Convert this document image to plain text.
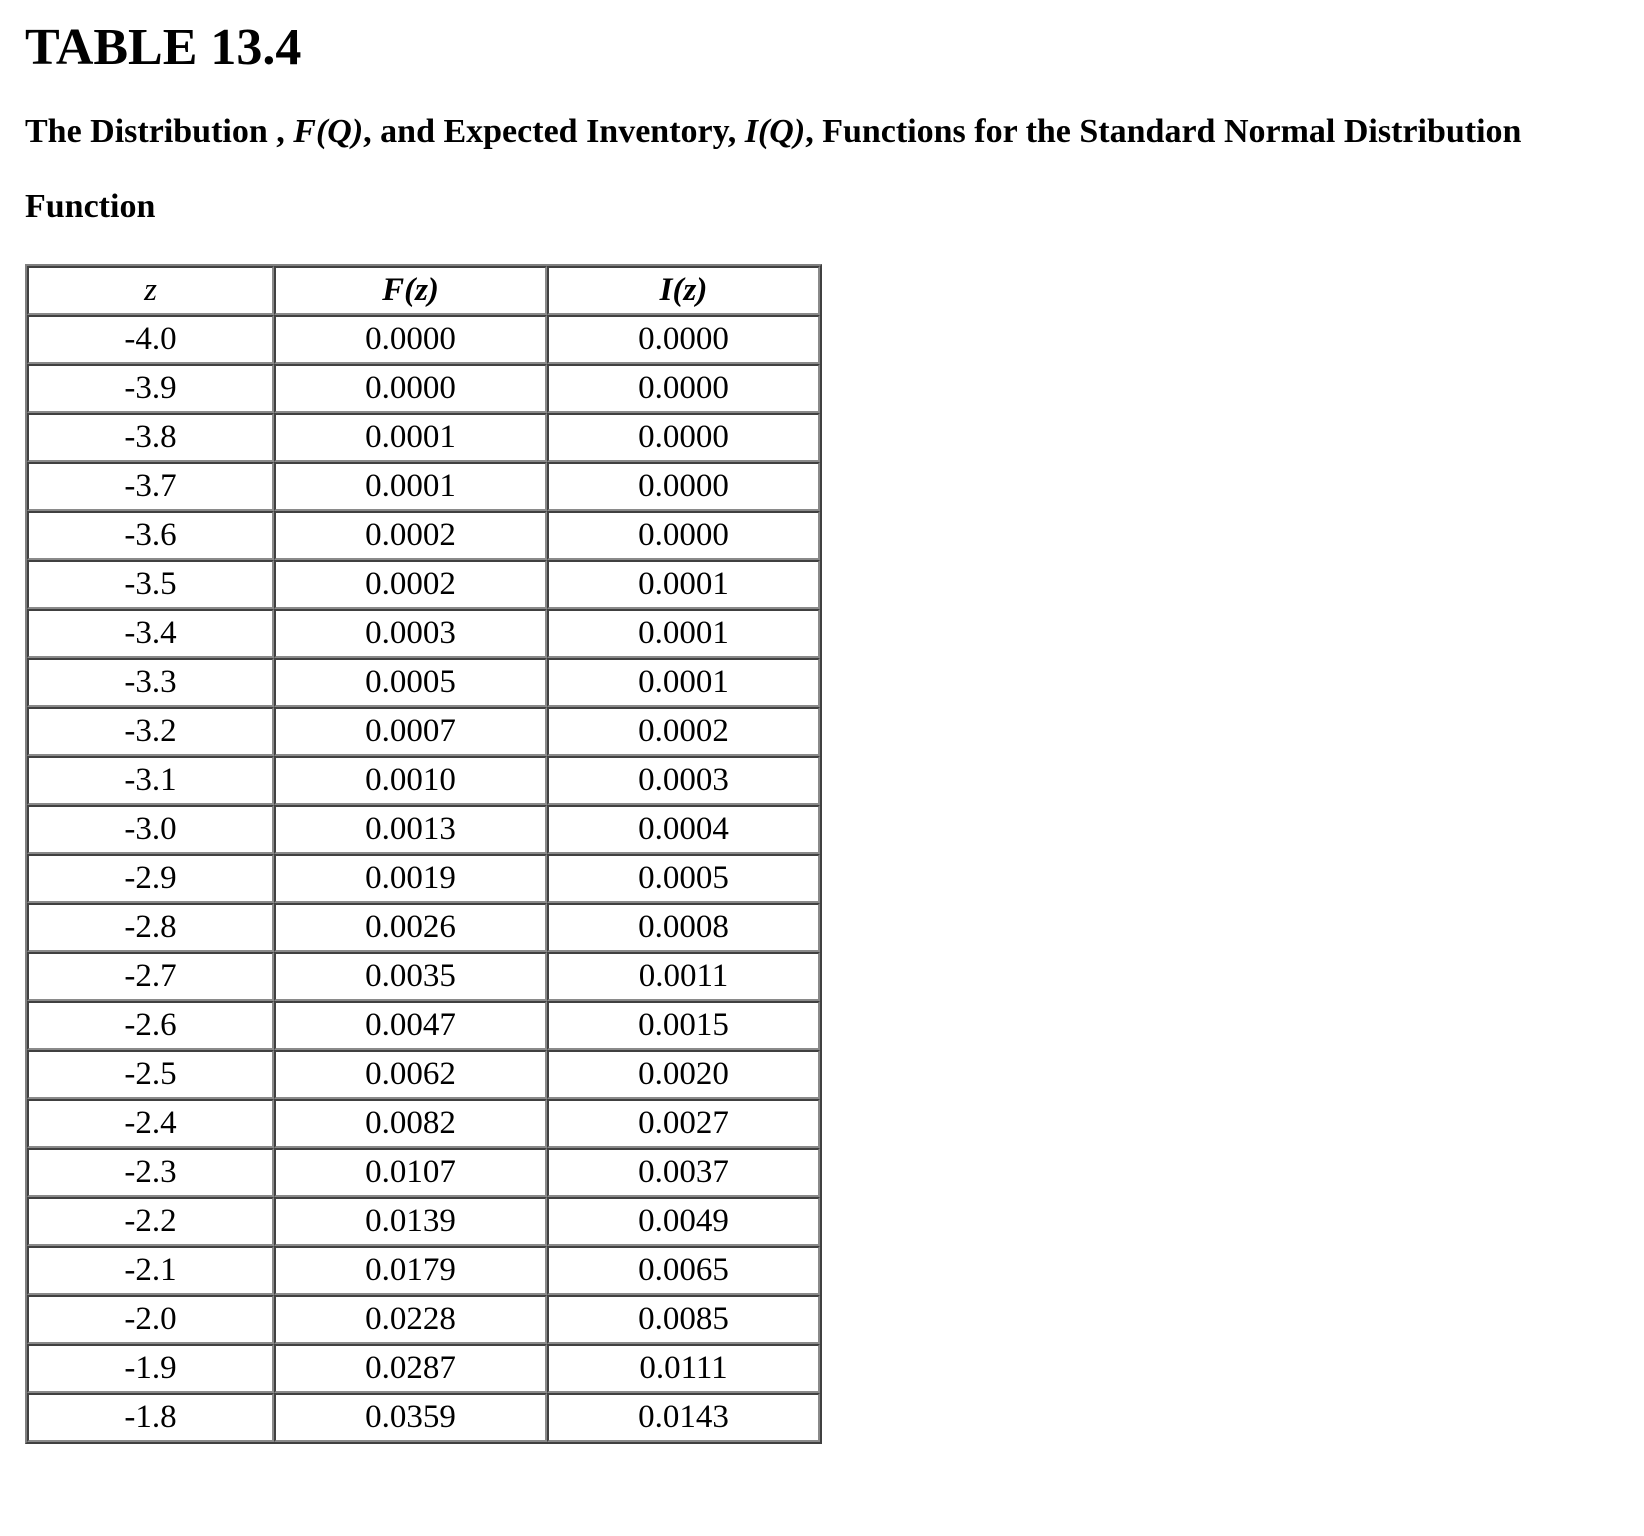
TABLE 13.4

The Distribution , F(Q), and Expected Inventory, I(Q), Functions for the Standard Normal Distribution

Function

z	F(z)	I(z)
-4.0	0.0000	0.0000
-3.9	0.0000	0.0000
-3.8	0.0001	0.0000
-3.7	0.0001	0.0000
-3.6	0.0002	0.0000
-3.5	0.0002	0.0001
-3.4	0.0003	0.0001
-3.3	0.0005	0.0001
-3.2	0.0007	0.0002
-3.1	0.0010	0.0003
-3.0	0.0013	0.0004
-2.9	0.0019	0.0005
-2.8	0.0026	0.0008
-2.7	0.0035	0.0011
-2.6	0.0047	0.0015
-2.5	0.0062	0.0020
-2.4	0.0082	0.0027
-2.3	0.0107	0.0037
-2.2	0.0139	0.0049
-2.1	0.0179	0.0065
-2.0	0.0228	0.0085
-1.9	0.0287	0.0111
-1.8	0.0359	0.0143
